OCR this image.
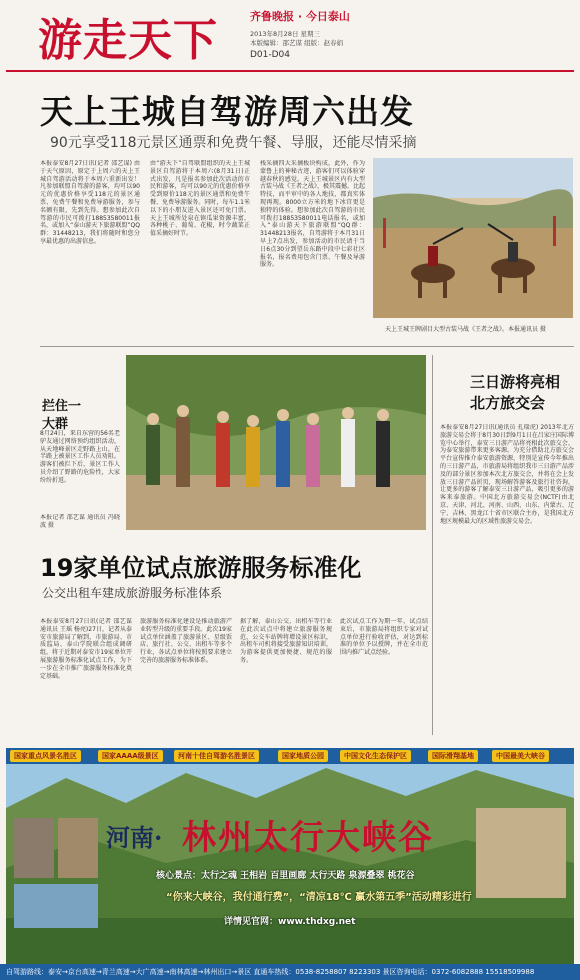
游走天下	齐鲁晚报 · 今日泰山
2013年8月28日 星期三
本版编辑：邵艺谋 组版：赵春娟
D01-D04
天上王城自驾游周六出发
90元享受118元景区通票和免费午餐、导服，还能尽情采摘
本报泰安8月27日讯(记者 邵艺谋) 由于天气原因，原定于上周六的天上王城自驾游活动将于本周六重新出发！凡参加联盟自驾游的游客，均可以90元的优惠价格享受118元的景区通票、免费午餐和免费导游服务，参与名额有限，先到先得。想参加此次自驾游的市民可拨打18853580011报名，或加入“泰山游天下旅游联盟”QQ群：31448213，我们将随时和您分享最优惠的出游信息。
由“游天下”自驾联盟组织的天上王城景区自驾游将于本周六(8月31日)正式出发，凡是报名参加此次活动的市民和游客，均可以90元的优惠价格享受到原价118元的景区通票和免费午餐、免费导游服务。同时，每车1.1米以下的小朋友进入景区还可免门票。天上王城所处泉在镇瓜果资源丰富，各种桃子、葡萄、花椒，时令蔬菜正值采摘好时节。
栈采摘四大采摘板块构成，此外，作为蒙鲁上的神秘古迹，游客们可以体验穿越春秋的感觉。天上王城景区内有大型古装马战《王者之战》，极其震撼，比起特技，而平审中的各人地技，都真实体现再现。8000立方米的地下冰宫更是独特的体验。想参加此次自驾游的市民可拨打18853580011电话报名，或加入“泰山游天下旅游联盟”QQ群：31448213报名，自驾游将于本月31日早上7点出发，参加活动的市民请于当日6点30分到望岳东路中段中七彩社区报名，报名费用包含门票、午餐及导游服务。
天上王城王牌剧目大型古装马战《王者之战》。本报通讯员 摄
拦住一大群
8月24日，来自东营的56名老驴友通过网络预约组织活动，从天地峰景区走野路上山，在半路上被景区工作人员劝阻。游客们被拦下后，景区工作人员介绍了野路的危险性，大家纷纷折返。
本报记者 邵艺谋 通讯员 冯晓波 摄
三日游将亮相北方旅交会
本报泰安8月27日讯(通讯员 孔瑞虎) 2013年北方旅游交易会将于8月30日到9月1日在吕家庄国际博览中心举行，泰安三日游产品将亮相此次旅交会，为泰安旅游带来更多客源。为充分借助北方旅交会平台宣传推介泰安旅游资源，特别是宣传今年推出的三日游产品，市旅游局将组织我市三日游产品涉及的部分景区参加本次北方旅交会，并将在会上发放三日游产品折页，现场解答游客及旅行社咨询，让更多的游客了解泰安三日游产品，吸引更多的游客来泰旅游。中国北方旅游交易会(NCTF)由北京、天津、河北、河南、山西、山东、内蒙古、辽宁、吉林、黑龙江十省市区联合主办，是我国北方地区规模最大的区域性旅游交易会。
19家单位试点旅游服务标准化
公交出租车建成旅游服务标准体系
本报泰安8月27日讯(记者 邵艺谋 通讯员 王瑶 杨亮)27日，记者从泰安市旅游局了解到，市旅游局、市质监局、泰山学院联合组成调研组，将于近期对泰安市19家单位开展旅游服务标准化试点工作，为下一步在全市推广旅游服务标准化奠定基础。
旅游服务标准化建设是推动旅游产业转型升级的重要手段。此次19家试点单位涵盖了旅游景区、星级饭店、旅行社、公交、出租车等多个行业，各试点单位将按照要求建立完善的旅游服务标准体系。
据了解，泰山公交、出租车等行业在此次试点中将建立旅游服务规范，公交车站牌将增设景区标识，出租车司机将接受旅游知识培训，为游客提供更加便捷、规范的服务。
此次试点工作为期一年，试点结束后，市旅游局将组织专家对试点单位进行验收评估，对达到标准的单位予以授牌，并在全市范围内推广试点经验。
国家重点风景名胜区	国家AAAA级景区	河南十佳自驾游名胜景区	国家地质公园	中国文化生态保护区	国际滑翔基地	中国最美大峡谷
河南· 林州太行大峡谷
核心景点：太行之魂 王相岩 百里画廊 太行天路 泉源叠翠 桃花谷
“你来大峡谷，我付通行费”，“清凉18℃ 赢水第五季”活动精彩进行
详情见官网：www.thdxg.net
自驾游路线：泰安→京台高速→青兰高速→大广高速→南林高速→林州出口→景区 直通车热线：0538-8258807 8223303 景区咨询电话：0372-6082888 15518509988
